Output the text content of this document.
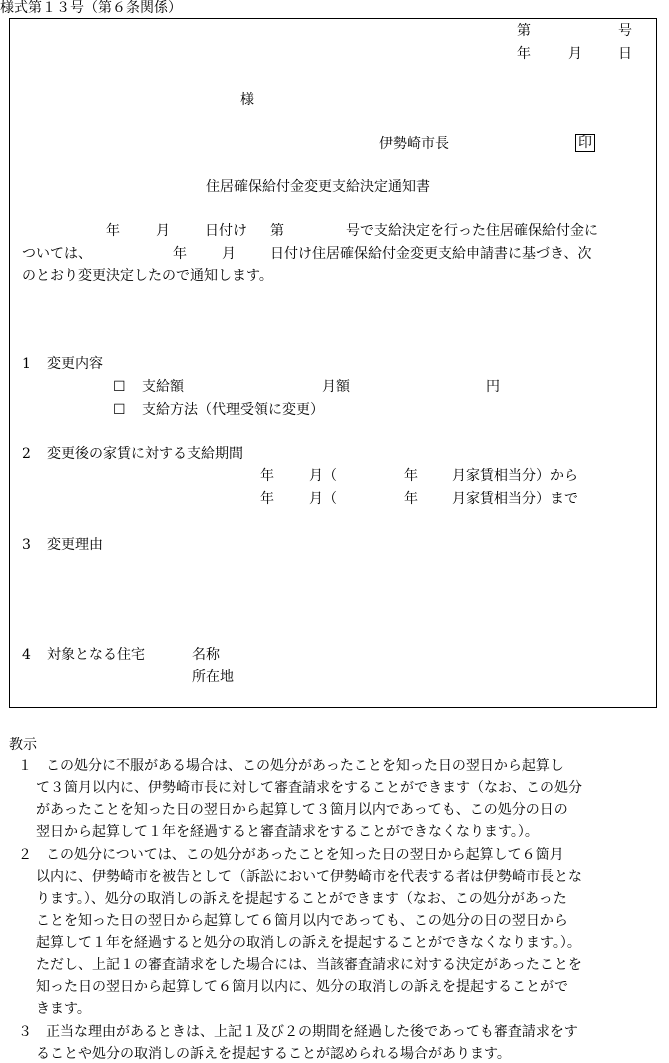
様式第１３号（第６条関係）
第	号
年	月	日
様
伊勢崎市長	印
住居確保給付金変更支給決定通知書
年	月	日付け 第	号で支給決定を行った住居確保給付金に
ついては、	年	月 日付け住居確保給付金変更支給申請書に基づき、次
のとおり変更決定したので通知します。
1 変更内容
☐ 支給額	月額	円
☐ 支給方法（代理受領に変更）
2 変更後の家賃に対する支給期間
年	月（	年 月家賃相当分）から
年	月（	年 月家賃相当分）まで
3 変更理由
4 対象となる住宅	名称
所在地
教示
１　この処分に不服がある場合は、この処分があったことを知った日の翌日から起算し
て３箇月以内に、伊勢崎市長に対して審査請求をすることができます（なお、この処分
があったことを知った日の翌日から起算して３箇月以内であっても、この処分の日の
翌日から起算して１年を経過すると審査請求をすることができなくなります。）。
２　この処分については、この処分があったことを知った日の翌日から起算して６箇月
以内に、伊勢崎市を被告として（訴訟において伊勢崎市を代表する者は伊勢崎市長とな
ります。）、処分の取消しの訴えを提起することができます（なお、この処分があった
ことを知った日の翌日から起算して６箇月以内であっても、この処分の日の翌日から
起算して１年を経過すると処分の取消しの訴えを提起することができなくなります。）。
ただし、上記１の審査請求をした場合には、当該審査請求に対する決定があったことを
知った日の翌日から起算して６箇月以内に、処分の取消しの訴えを提起することがで
きます。
３　正当な理由があるときは、上記１及び２の期間を経過した後であっても審査請求をす
ることや処分の取消しの訴えを提起することが認められる場合があります。
